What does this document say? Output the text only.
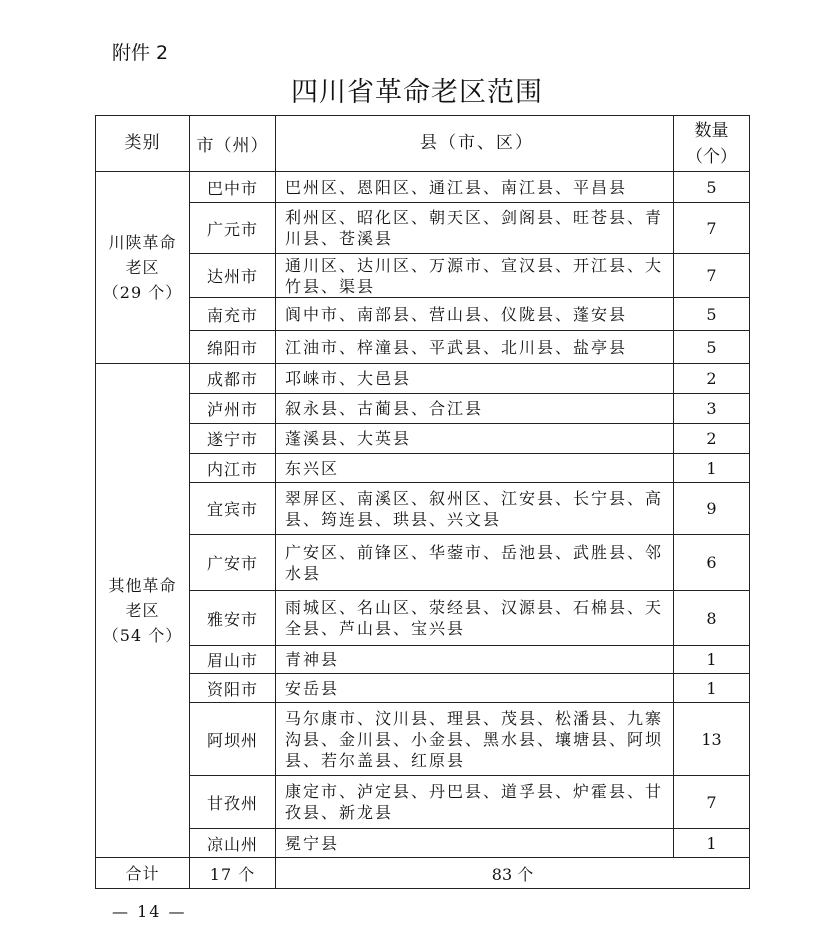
附件 2
四川省革命老区范围
类别	市（州）	县（市、区）	数量
（个）

川陕革命
老区
（29 个）	巴中市	巴州区、恩阳区、通江县、南江县、平昌县	5
	广元市	利州区、昭化区、朝天区、剑阁县、旺苍县、青川县、苍溪县	7
	达州市	通川区、达川区、万源市、宣汉县、开江县、大竹县、渠县	7
	南充市	阆中市、南部县、营山县、仪陇县、蓬安县	5
	绵阳市	江油市、梓潼县、平武县、北川县、盐亭县	5

其他革命
老区
（54 个）	成都市	邛崃市、大邑县	2
	泸州市	叙永县、古蔺县、合江县	3
	遂宁市	蓬溪县、大英县	2
	内江市	东兴区	1
	宜宾市	翠屏区、南溪区、叙州区、江安县、长宁县、高县、筠连县、珙县、兴文县	9
	广安市	广安区、前锋区、华蓥市、岳池县、武胜县、邻水县	6
	雅安市	雨城区、名山区、荥经县、汉源县、石棉县、天全县、芦山县、宝兴县	8
	眉山市	青神县	1
	资阳市	安岳县	1
	阿坝州	马尔康市、汶川县、理县、茂县、松潘县、九寨沟县、金川县、小金县、黑水县、壤塘县、阿坝县、若尔盖县、红原县	13
	甘孜州	康定市、泸定县、丹巴县、道孚县、炉霍县、甘孜县、新龙县	7
	凉山州	冕宁县	1
合计	17 个	83 个	
— 14 —
